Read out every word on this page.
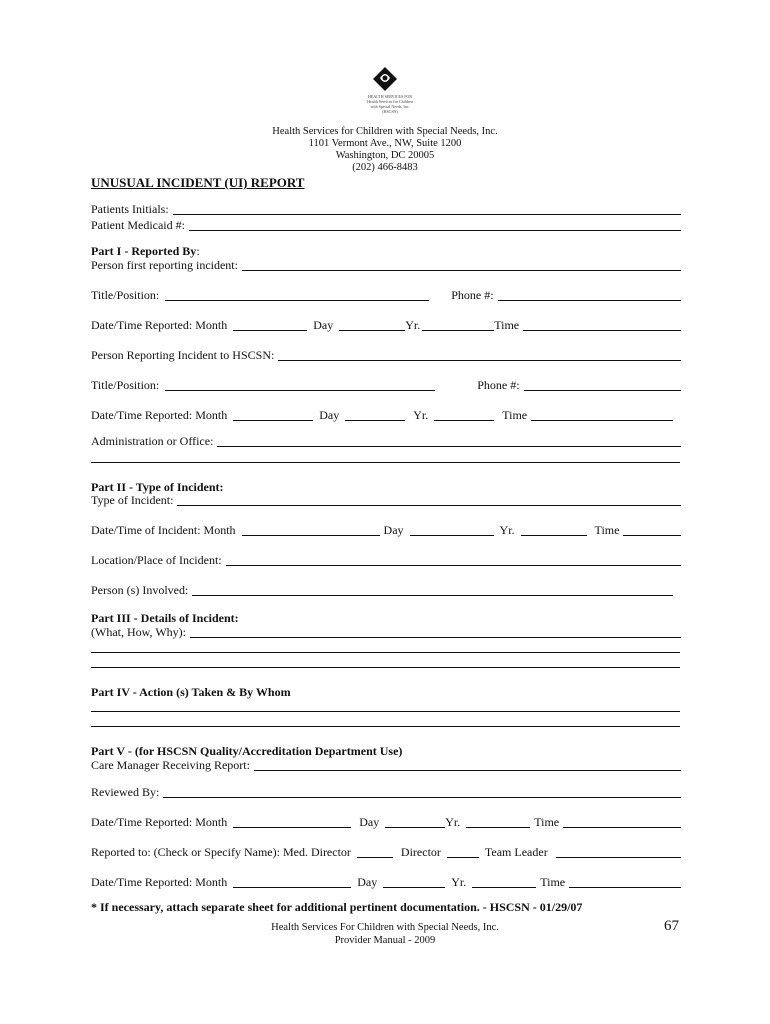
HEALTH SERVICES FOR
Health Services for Children
with Special Needs, Inc.
(HSCSN)
Health Services for Children with Special Needs, Inc.
1101 Vermont Ave., NW, Suite 1200
Washington, DC 20005
(202) 466-8483
UNUSUAL INCIDENT (UI) REPORT
Patients Initials:
Patient Medicaid #:
Part I - Reported By:
Person first reporting incident:
Title/Position:	Phone #:
Date/Time Reported: Month	Day	Yr.	Time
Person Reporting Incident to HSCSN:
Title/Position:	Phone #:
Date/Time Reported: Month	Day	Yr.	Time
Administration or Office:
Part II - Type of Incident:
Type of Incident:
Date/Time of Incident: Month	Day	Yr.	Time
Location/Place of Incident:
Person (s) Involved:
Part III - Details of Incident:
(What, How, Why):
Part IV - Action (s) Taken & By Whom
Part V - (for HSCSN Quality/Accreditation Department Use)
Care Manager Receiving Report:
Reviewed By:
Date/Time Reported: Month	Day	Yr.	Time
Reported to: (Check or Specify Name): Med. Director	Director	Team Leader
Date/Time Reported: Month	Day	Yr.	Time
* If necessary, attach separate sheet for additional pertinent documentation. - HSCSN - 01/29/07
Health Services For Children with Special Needs, Inc.
Provider Manual - 2009
67
